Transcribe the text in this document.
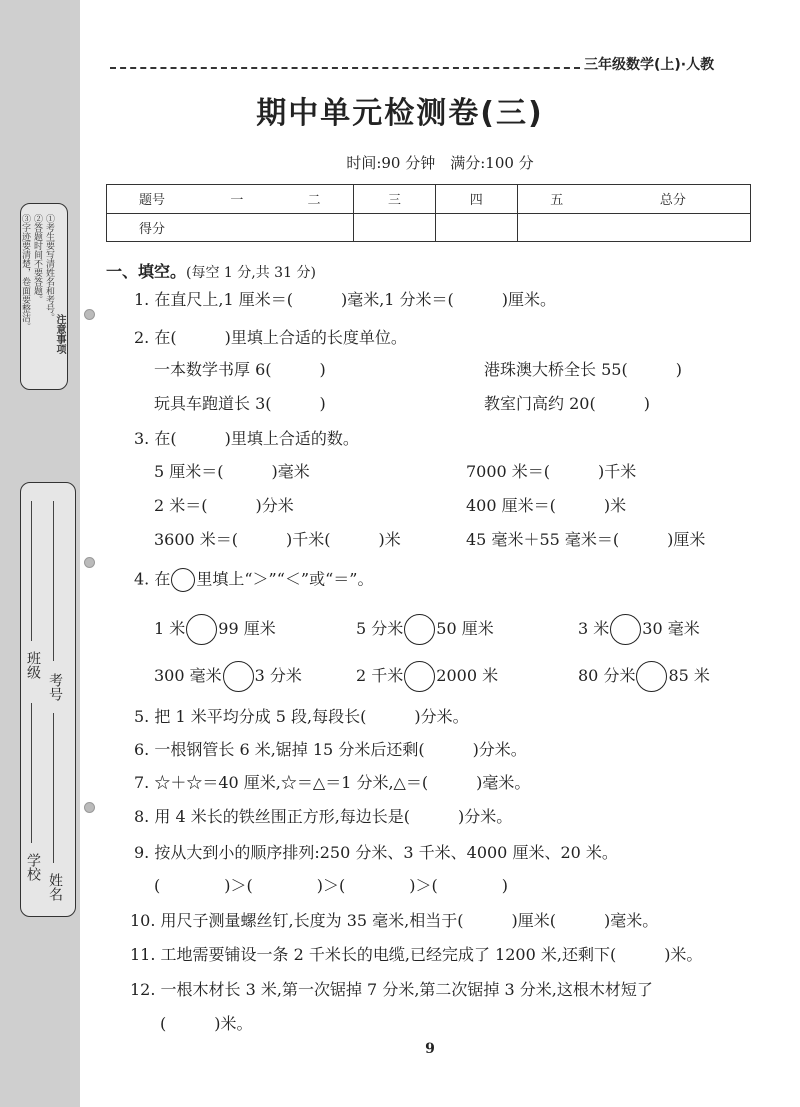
①考生要写清姓名和考号。
②答题时间不要答题。
③字迹要清楚，卷面要整洁。
注意事项
班级
考号
学校
姓名
三年级数学(上)·人教
期中单元检测卷(三)
时间:90 分钟　满分:100 分
题号	一	二	三	四	五	总分
得分						
一、填空。(每空 1 分,共 31 分)
1. 在直尺上,1 厘米＝(　　　)毫米,1 分米＝(　　　)厘米。
2. 在(　　　)里填上合适的长度单位。
一本数学书厚 6(　　　)	港珠澳大桥全长 55(　　　)
玩具车跑道长 3(　　　)	教室门高约 20(　　　)
3. 在(　　　)里填上合适的数。
5 厘米＝(　　　)毫米	7000 米＝(　　　)千米
2 米＝(　　　)分米	400 厘米＝(　　　)米
3600 米＝(　　　)千米(　　　)米	45 毫米＋55 毫米＝(　　　)厘米
4. 在 里填上“＞”“＜”或“＝”。
1 米 99 厘米	5 分米 50 厘米	3 米 30 毫米
300 毫米 3 分米	2 千米 2000 米	80 分米 85 米
5. 把 1 米平均分成 5 段,每段长(　　　)分米。
6. 一根钢管长 6 米,锯掉 15 分米后还剩(　　　)分米。
7. ☆＋☆＝40 厘米,☆＝△＝1 分米,△＝(　　　)毫米。
8. 用 4 米长的铁丝围正方形,每边长是(　　　)分米。
9. 按从大到小的顺序排列:250 分米、3 千米、4000 厘米、20 米。
(　　　　)＞(　　　　)＞(　　　　)＞(　　　　)
10. 用尺子测量螺丝钉,长度为 35 毫米,相当于(　　　)厘米(　　　)毫米。
11. 工地需要铺设一条 2 千米长的电缆,已经完成了 1200 米,还剩下(　　　)米。
12. 一根木材长 3 米,第一次锯掉 7 分米,第二次锯掉 3 分米,这根木材短了
(　　　)米。
9
